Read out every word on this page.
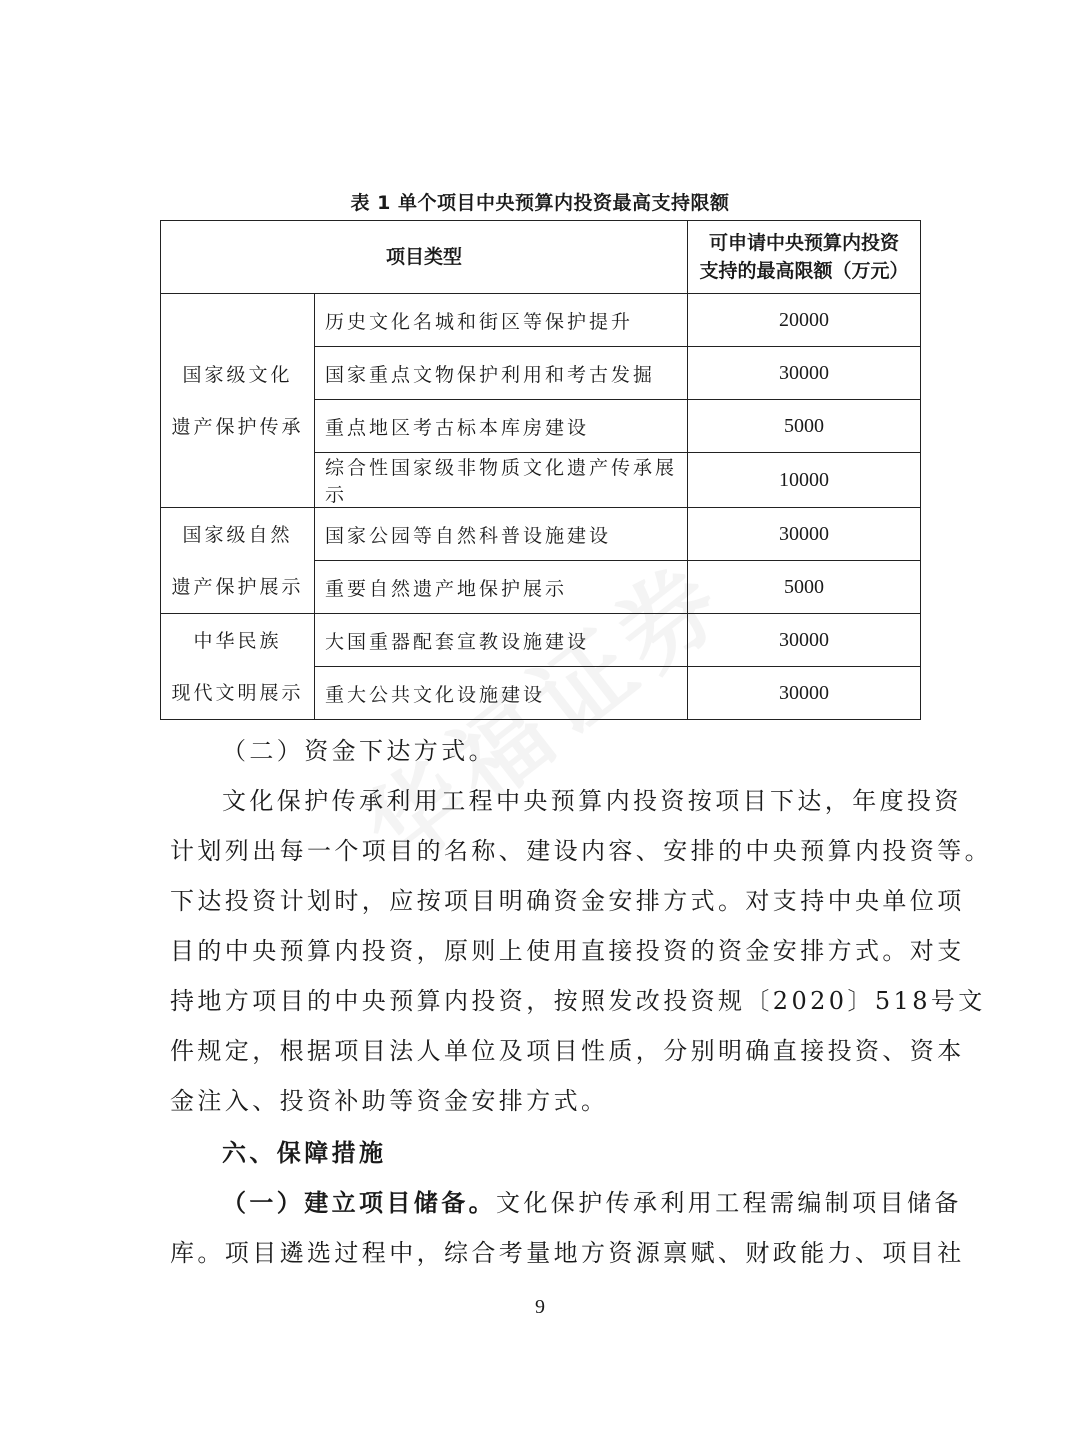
表 1 单个项目中央预算内投资最高支持限额
项目类型		可申请中央预算内投资
支持的最高限额（万元）

国家级文化
遗产保护传承	历史文化名城和街区等保护提升	20000
	国家重点文物保护利用和考古发掘	30000
	重点地区考古标本库房建设	5000
	综合性国家级非物质文化遗产传承展示	10000

国家级自然
遗产保护展示	国家公园等自然科普设施建设	30000
	重要自然遗产地保护展示	5000

中华民族
现代文明展示	大国重器配套宣教设施建设	30000
	重大公共文化设施建设	30000
（二）资金下达方式。
文化保护传承利用工程中央预算内投资按项目下达，年度投资
计划列出每一个项目的名称、建设内容、安排的中央预算内投资等。
下达投资计划时，应按项目明确资金安排方式。对支持中央单位项
目的中央预算内投资，原则上使用直接投资的资金安排方式。对支
持地方项目的中央预算内投资，按照发改投资规〔2020〕518号文
件规定，根据项目法人单位及项目性质，分别明确直接投资、资本
金注入、投资补助等资金安排方式。
六、保障措施
（一）建立项目储备。文化保护传承利用工程需编制项目储备
库。项目遴选过程中，综合考量地方资源禀赋、财政能力、项目社
9
